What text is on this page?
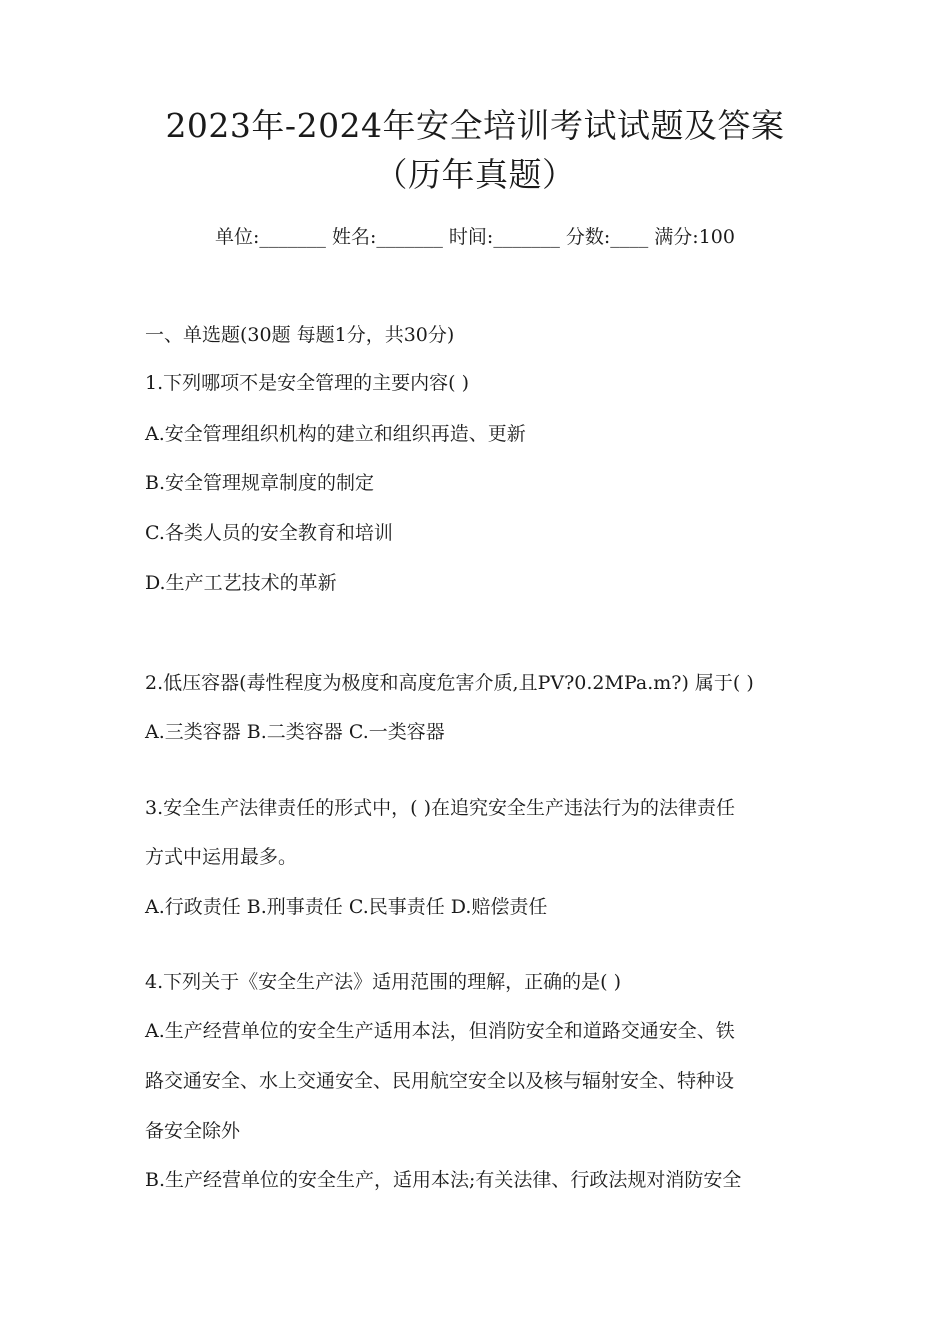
2023年-2024年安全培训考试试题及答案
（历年真题）
单位:_______ 姓名:_______ 时间:_______ 分数:____ 满分:100
一、单选题(30题 每题1分，共30分)
1.下列哪项不是安全管理的主要内容( )
A.安全管理组织机构的建立和组织再造、更新
B.安全管理规章制度的制定
C.各类人员的安全教育和培训
D.生产工艺技术的革新
2.低压容器(毒性程度为极度和高度危害介质,且PV?0.2MPa.m?) 属于( )
A.三类容器 B.二类容器 C.一类容器
3.安全生产法律责任的形式中，( )在追究安全生产违法行为的法律责任
方式中运用最多。
A.行政责任 B.刑事责任 C.民事责任 D.赔偿责任
4.下列关于《安全生产法》适用范围的理解，正确的是( )
A.生产经营单位的安全生产适用本法，但消防安全和道路交通安全、铁
路交通安全、水上交通安全、民用航空安全以及核与辐射安全、特种设
备安全除外
B.生产经营单位的安全生产，适用本法;有关法律、行政法规对消防安全
